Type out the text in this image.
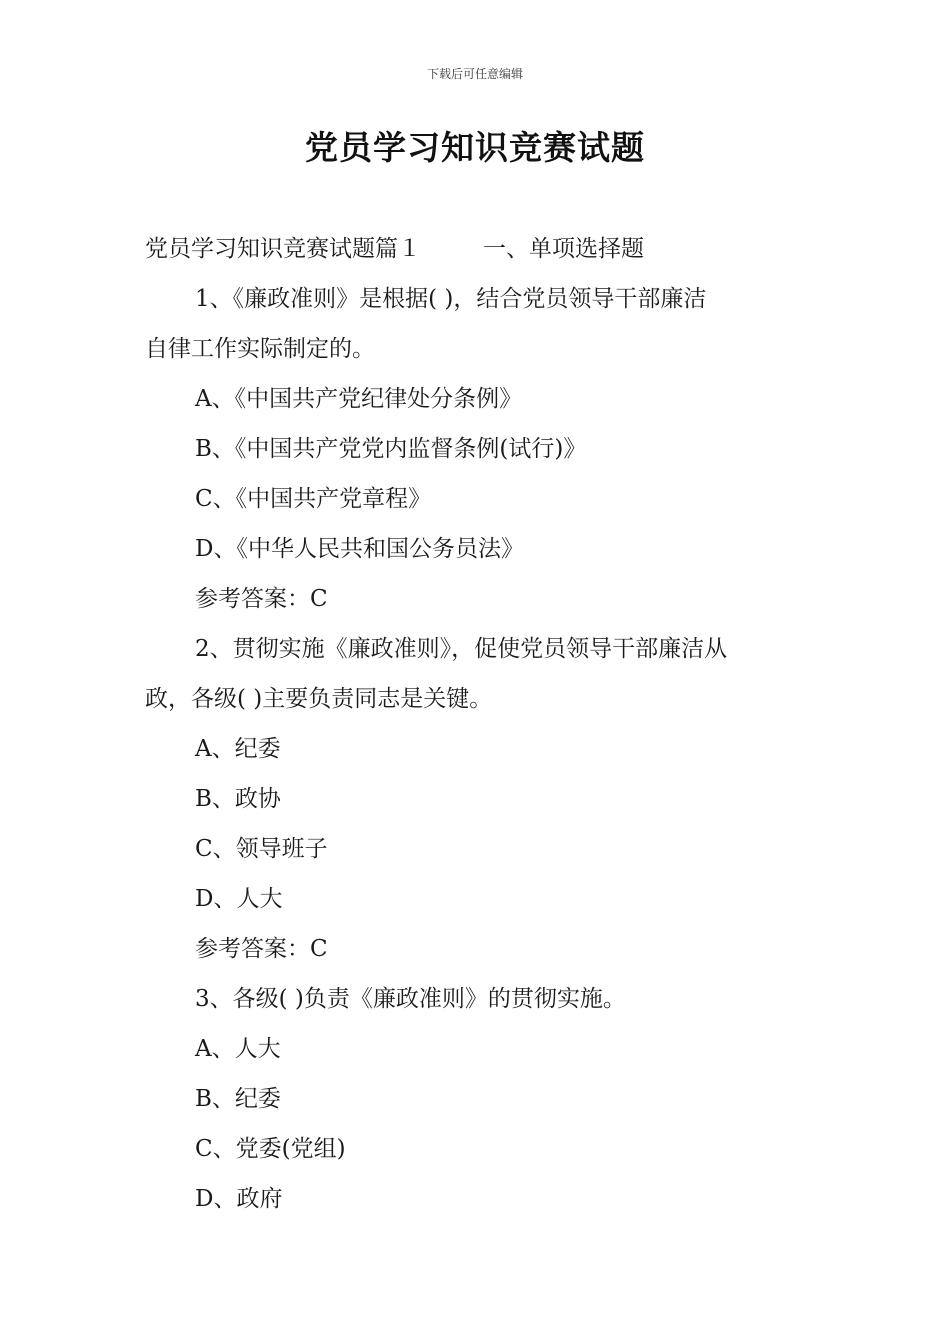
下载后可任意编辑
党员学习知识竞赛试题
党员学习知识竞赛试题篇１	一、单项选择题
1、《廉政准则》是根据( )，结合党员领导干部廉洁
自律工作实际制定的。
A、《中国共产党纪律处分条例》
B、《中国共产党党内监督条例(试行)》
C、《中国共产党章程》
D、《中华人民共和国公务员法》
参考答案：C
2、贯彻实施《廉政准则》，促使党员领导干部廉洁从
政，各级( )主要负责同志是关键。
A、纪委
B、政协
C、领导班子
D、人大
参考答案：C
3、各级( )负责《廉政准则》的贯彻实施。
A、人大
B、纪委
C、党委(党组)
D、政府
